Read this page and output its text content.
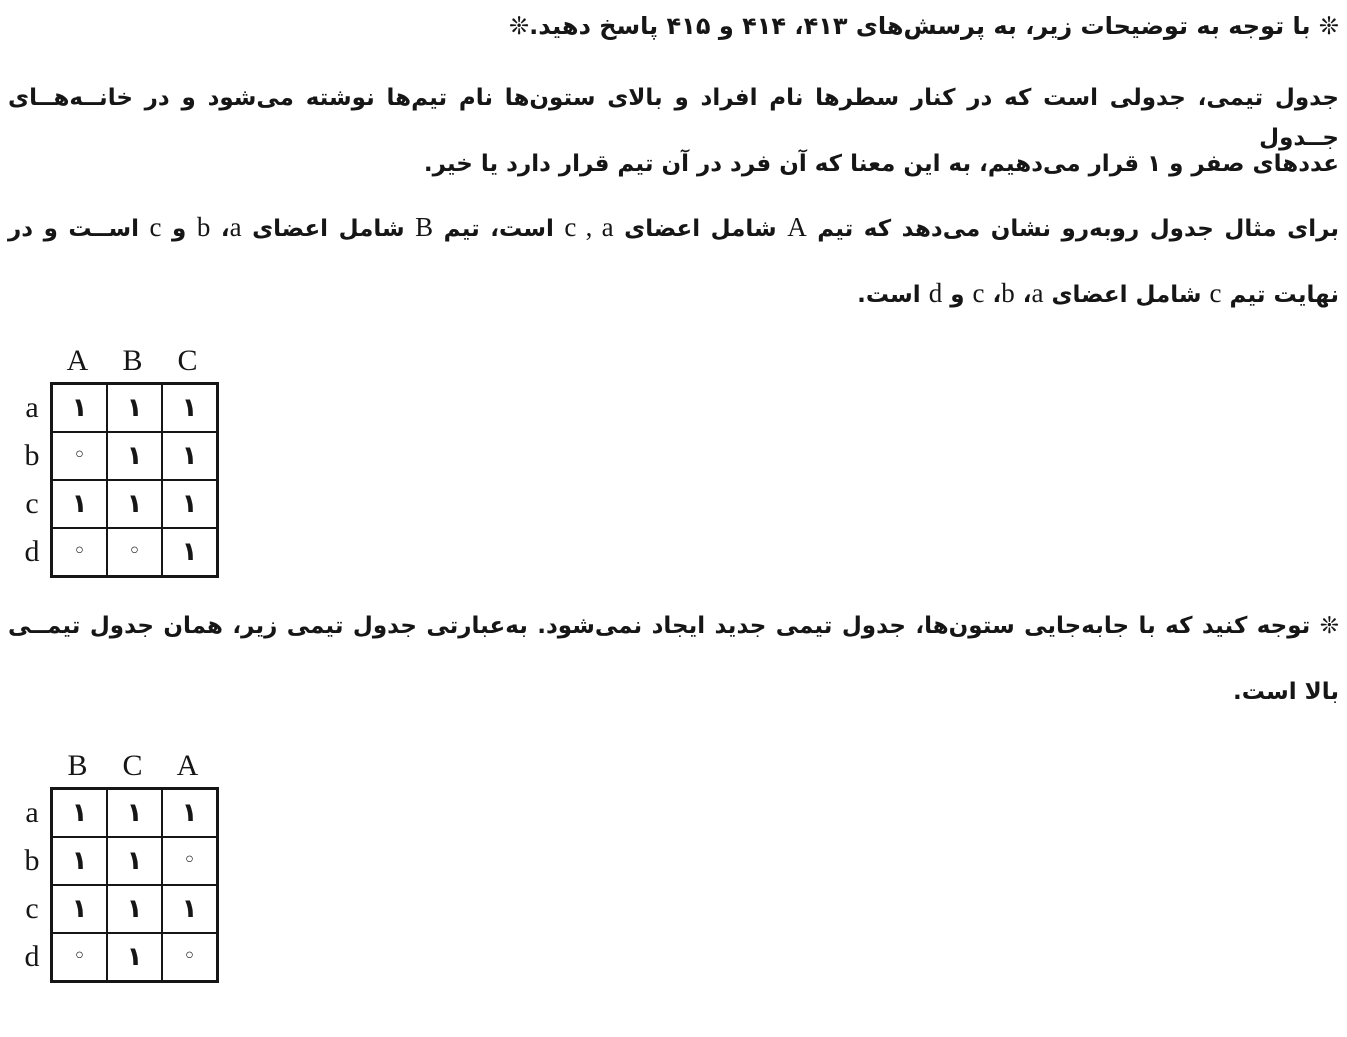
❊ با توجه به توضیحات زیر، به پرسش‌های ۴۱۳، ۴۱۴ و ۴۱۵ پاسخ دهید.❊
جدول تیمی، جدولی است که در کنار سطرها نام افراد و بالای ستون‌ها نام تیم‌ها نوشته می‌شود و در خانــه‌هــای جــدول
عددهای صفر و ۱ قرار می‌دهیم، به این معنا که آن فرد در آن تیم قرار دارد یا خیر.
برای مثال جدول روبه‌رو نشان می‌دهد که تیم A شامل اعضای c , a است، تیم B شامل اعضای a‏، b و c اســت و در
نهایت تیم c شامل اعضای a‏، b‏، c و d است.
A B C
a
b
c
d
۱ ۱ ۱
◦ ۱ ۱
۱ ۱ ۱
◦ ◦ ۱
❊ توجه کنید که با جابه‌جایی ستون‌ها، جدول تیمی جدید ایجاد نمی‌شود. به‌عبارتی جدول تیمی زیر، همان جدول تیمــی
بالا است.
B C A
a
b
c
d
۱ ۱ ۱
۱ ۱ ◦
۱ ۱ ۱
◦ ۱ ◦
